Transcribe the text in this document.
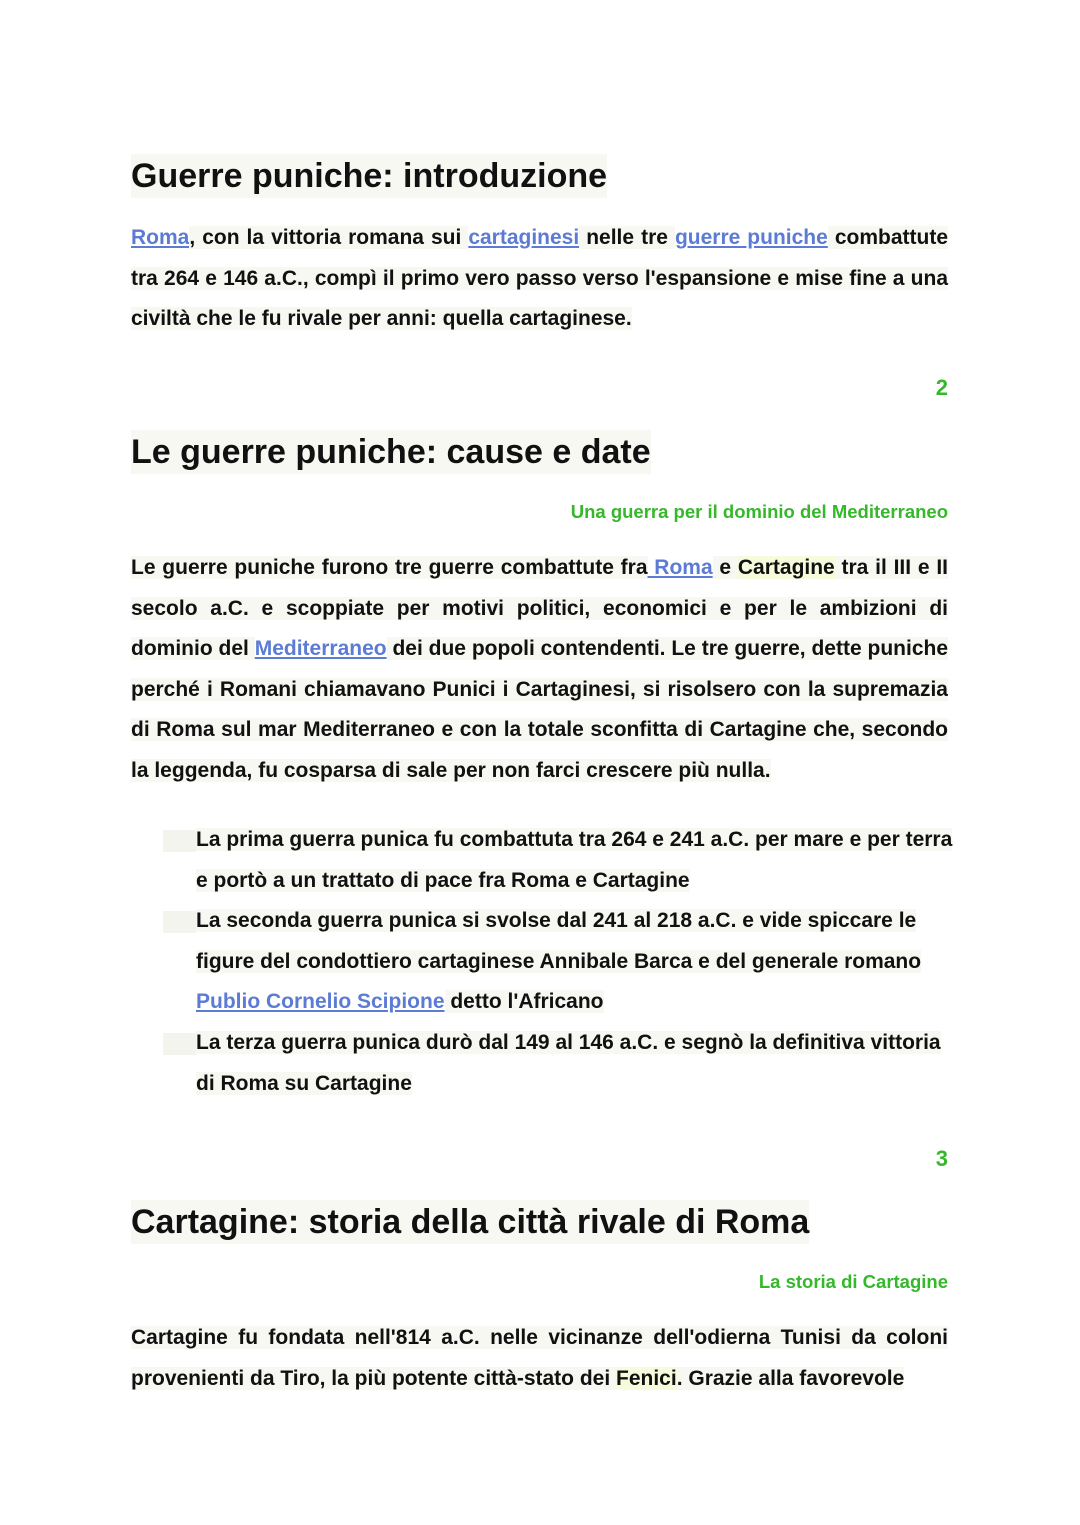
Guerre puniche: introduzione

Roma, con la vittoria romana sui cartaginesi nelle tre guerre puniche combattute tra 264 e 146 a.C., compì il primo vero passo verso l'espansione e mise fine a una civiltà che le fu rivale per anni: quella cartaginese.

2
Le guerre puniche: cause e date
Una guerra per il dominio del Mediterraneo

Le guerre puniche furono tre guerre combattute fra Roma e Cartagine tra il III e II secolo a.C. e scoppiate per motivi politici, economici e per le ambizioni di dominio del Mediterraneo dei due popoli contendenti. Le tre guerre, dette puniche perché i Romani chiamavano Punici i Cartaginesi, si risolsero con la supremazia di Roma sul mar Mediterraneo e con la totale sconfitta di Cartagine che, secondo la leggenda, fu cosparsa di sale per non farci crescere più nulla.

La prima guerra punica fu combattuta tra 264 e 241 a.C. per mare e per terra e portò a un trattato di pace fra Roma e Cartagine
La seconda guerra punica si svolse dal 241 al 218 a.C. e vide spiccare le figure del condottiero cartaginese Annibale Barca e del generale romano Publio Cornelio Scipione detto l'Africano
La terza guerra punica durò dal 149 al 146 a.C. e segnò la definitiva vittoria di Roma su Cartagine
3
Cartagine: storia della città rivale di Roma
La storia di Cartagine

Cartagine fu fondata nell'814 a.C. nelle vicinanze dell'odierna Tunisi da coloni provenienti da Tiro, la più potente città-stato dei Fenici. Grazie alla favorevole
